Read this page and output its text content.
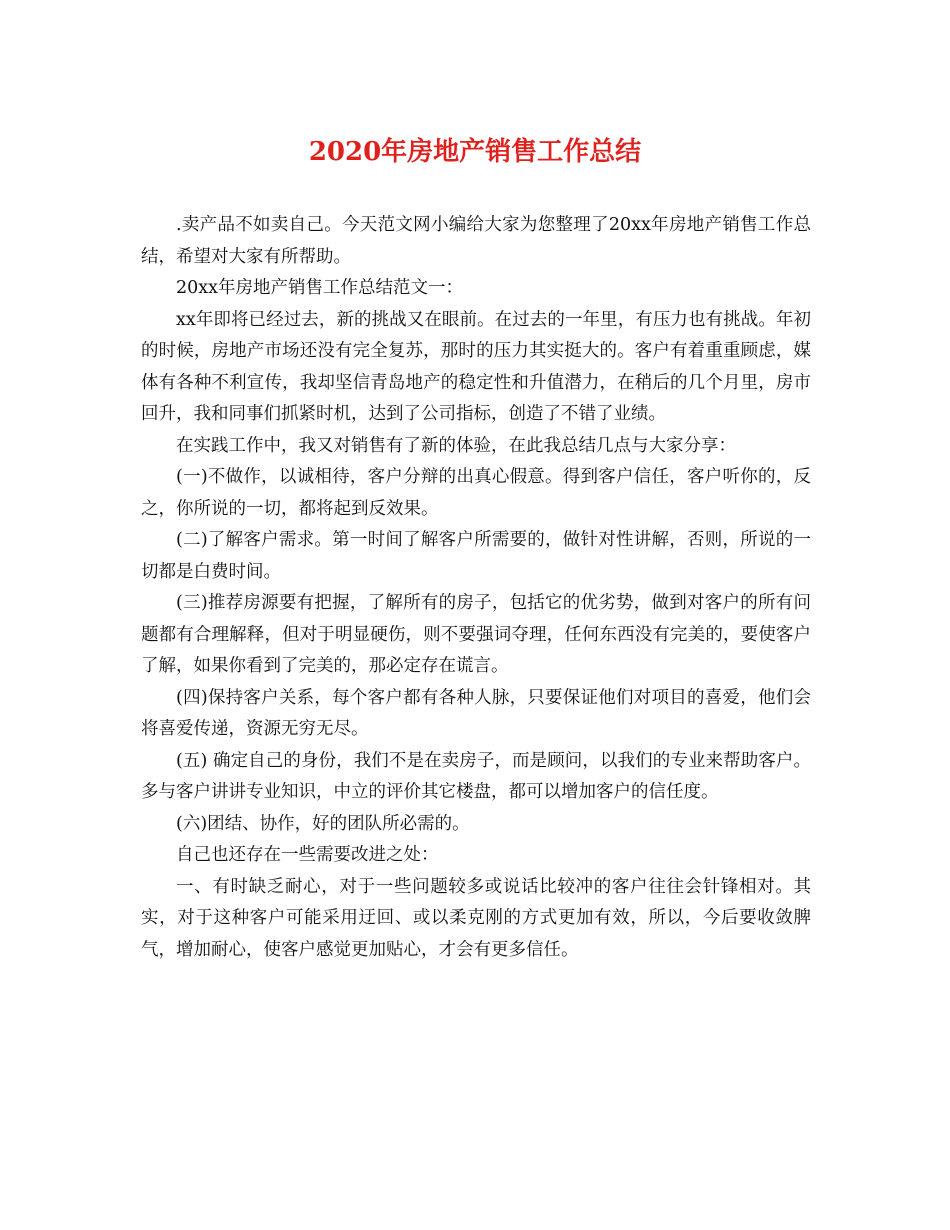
2020年房地产销售工作总结

.卖产品不如卖自己。今天范文网小编给大家为您整理了20xx年房地产销售工作总结，希望对大家有所帮助。

20xx年房地产销售工作总结范文一：

xx年即将已经过去，新的挑战又在眼前。在过去的一年里，有压力也有挑战。年初的时候，房地产市场还没有完全复苏，那时的压力其实挺大的。客户有着重重顾虑，媒体有各种不利宣传，我却坚信青岛地产的稳定性和升值潜力，在稍后的几个月里，房市回升，我和同事们抓紧时机，达到了公司指标，创造了不错了业绩。

在实践工作中，我又对销售有了新的体验，在此我总结几点与大家分享：

(一)不做作，以诚相待，客户分辩的出真心假意。得到客户信任，客户听你的，反之，你所说的一切，都将起到反效果。

(二)了解客户需求。第一时间了解客户所需要的，做针对性讲解，否则，所说的一切都是白费时间。

(三)推荐房源要有把握，了解所有的房子，包括它的优劣势，做到对客户的所有问题都有合理解释，但对于明显硬伤，则不要强词夺理，任何东西没有完美的，要使客户了解，如果你看到了完美的，那必定存在谎言。

(四)保持客户关系，每个客户都有各种人脉，只要保证他们对项目的喜爱，他们会将喜爱传递，资源无穷无尽。

(五) 确定自己的身份，我们不是在卖房子，而是顾问，以我们的专业来帮助客户。多与客户讲讲专业知识，中立的评价其它楼盘，都可以增加客户的信任度。

(六)团结、协作，好的团队所必需的。

自己也还存在一些需要改进之处：

一、有时缺乏耐心，对于一些问题较多或说话比较冲的客户往往会针锋相对。其实，对于这种客户可能采用迂回、或以柔克刚的方式更加有效，所以，今后要收敛脾气，增加耐心，使客户感觉更加贴心，才会有更多信任。
